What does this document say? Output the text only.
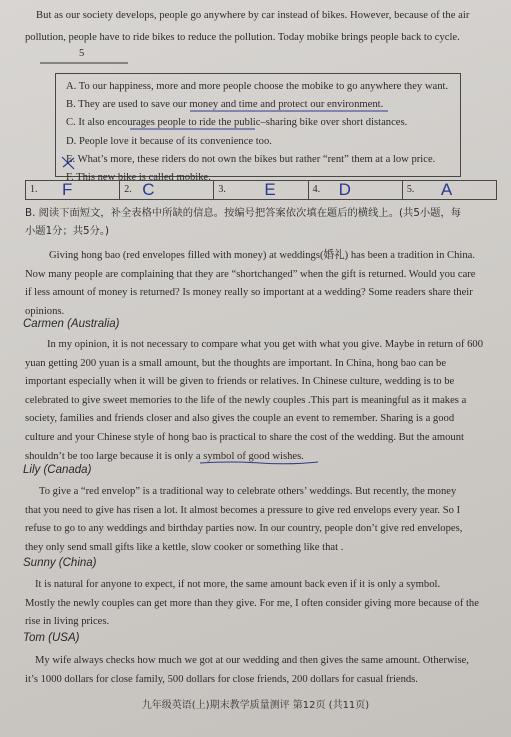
But as our society develops, people go anywhere by car instead of bikes. However, because of the air
pollution, people have to ride bikes to reduce the pollution. Today mobike brings people back to cycle.
5
A. To our happiness, more and more people choose the mobike to go anywhere they want.
B. They are used to save our money and time and protect our environment.
C. It also encourages people to ride the public–sharing bike over short distances.
D. People love it because of its convenience too.
E. What’s more, these riders do not own the bikes but rather “rent” them at a low price.
F. This new bike is called mobike.
1. F	2. C	3. E	4. D	5. A
B. 阅读下面短文，补全表格中所缺的信息。按编号把答案依次填在题后的横线上。(共5小题，每
小题1分；共5分。)

Giving hong bao (red envelopes filled with money) at weddings(婚礼) has been a tradition in China.

Now many people are complaining that they are “shortchanged” when the gift is returned. Would you care

if less amount of money is returned? Is money really so important at a wedding? Some readers share their

opinions.

Carmen (Australia)

In my opinion, it is not necessary to compare what you get with what you give. Maybe in return of 600

yuan getting 200 yuan is a small amount, but the thoughts are important. In China, hong bao can be

important especially when it will be given to friends or relatives. In Chinese culture, wedding is to be

celebrated to give sweet memories to the life of the newly couples .This part is meaningful as it makes a

society, families and friends closer and also gives the couple an event to remember. Sharing is a good

culture and your Chinese style of hong bao is practical to share the cost of the wedding. But the amount

shouldn’t be too large because it is only a symbol of good wishes.

Lily (Canada)

To give a “red envelop” is a traditional way to celebrate others’ weddings. But recently, the money

that you need to give has risen a lot. It almost becomes a pressure to give red envelops every year. So I

refuse to go to any weddings and birthday parties now. In our country, people don’t give red envelopes,

they only send small gifts like a kettle, slow cooker or something like that .

Sunny (China)

It is natural for anyone to expect, if not more, the same amount back even if it is only a symbol.

Mostly the newly couples can get more than they give. For me, I often consider giving more because of the

rise in living prices.

Tom (USA)

My wife always checks how much we got at our wedding and then gives the same amount. Otherwise,

it’s 1000 dollars for close family, 500 dollars for close friends, 200 dollars for casual friends.

九年级英语(上)期末教学质量测评 第12页 (共11页)
